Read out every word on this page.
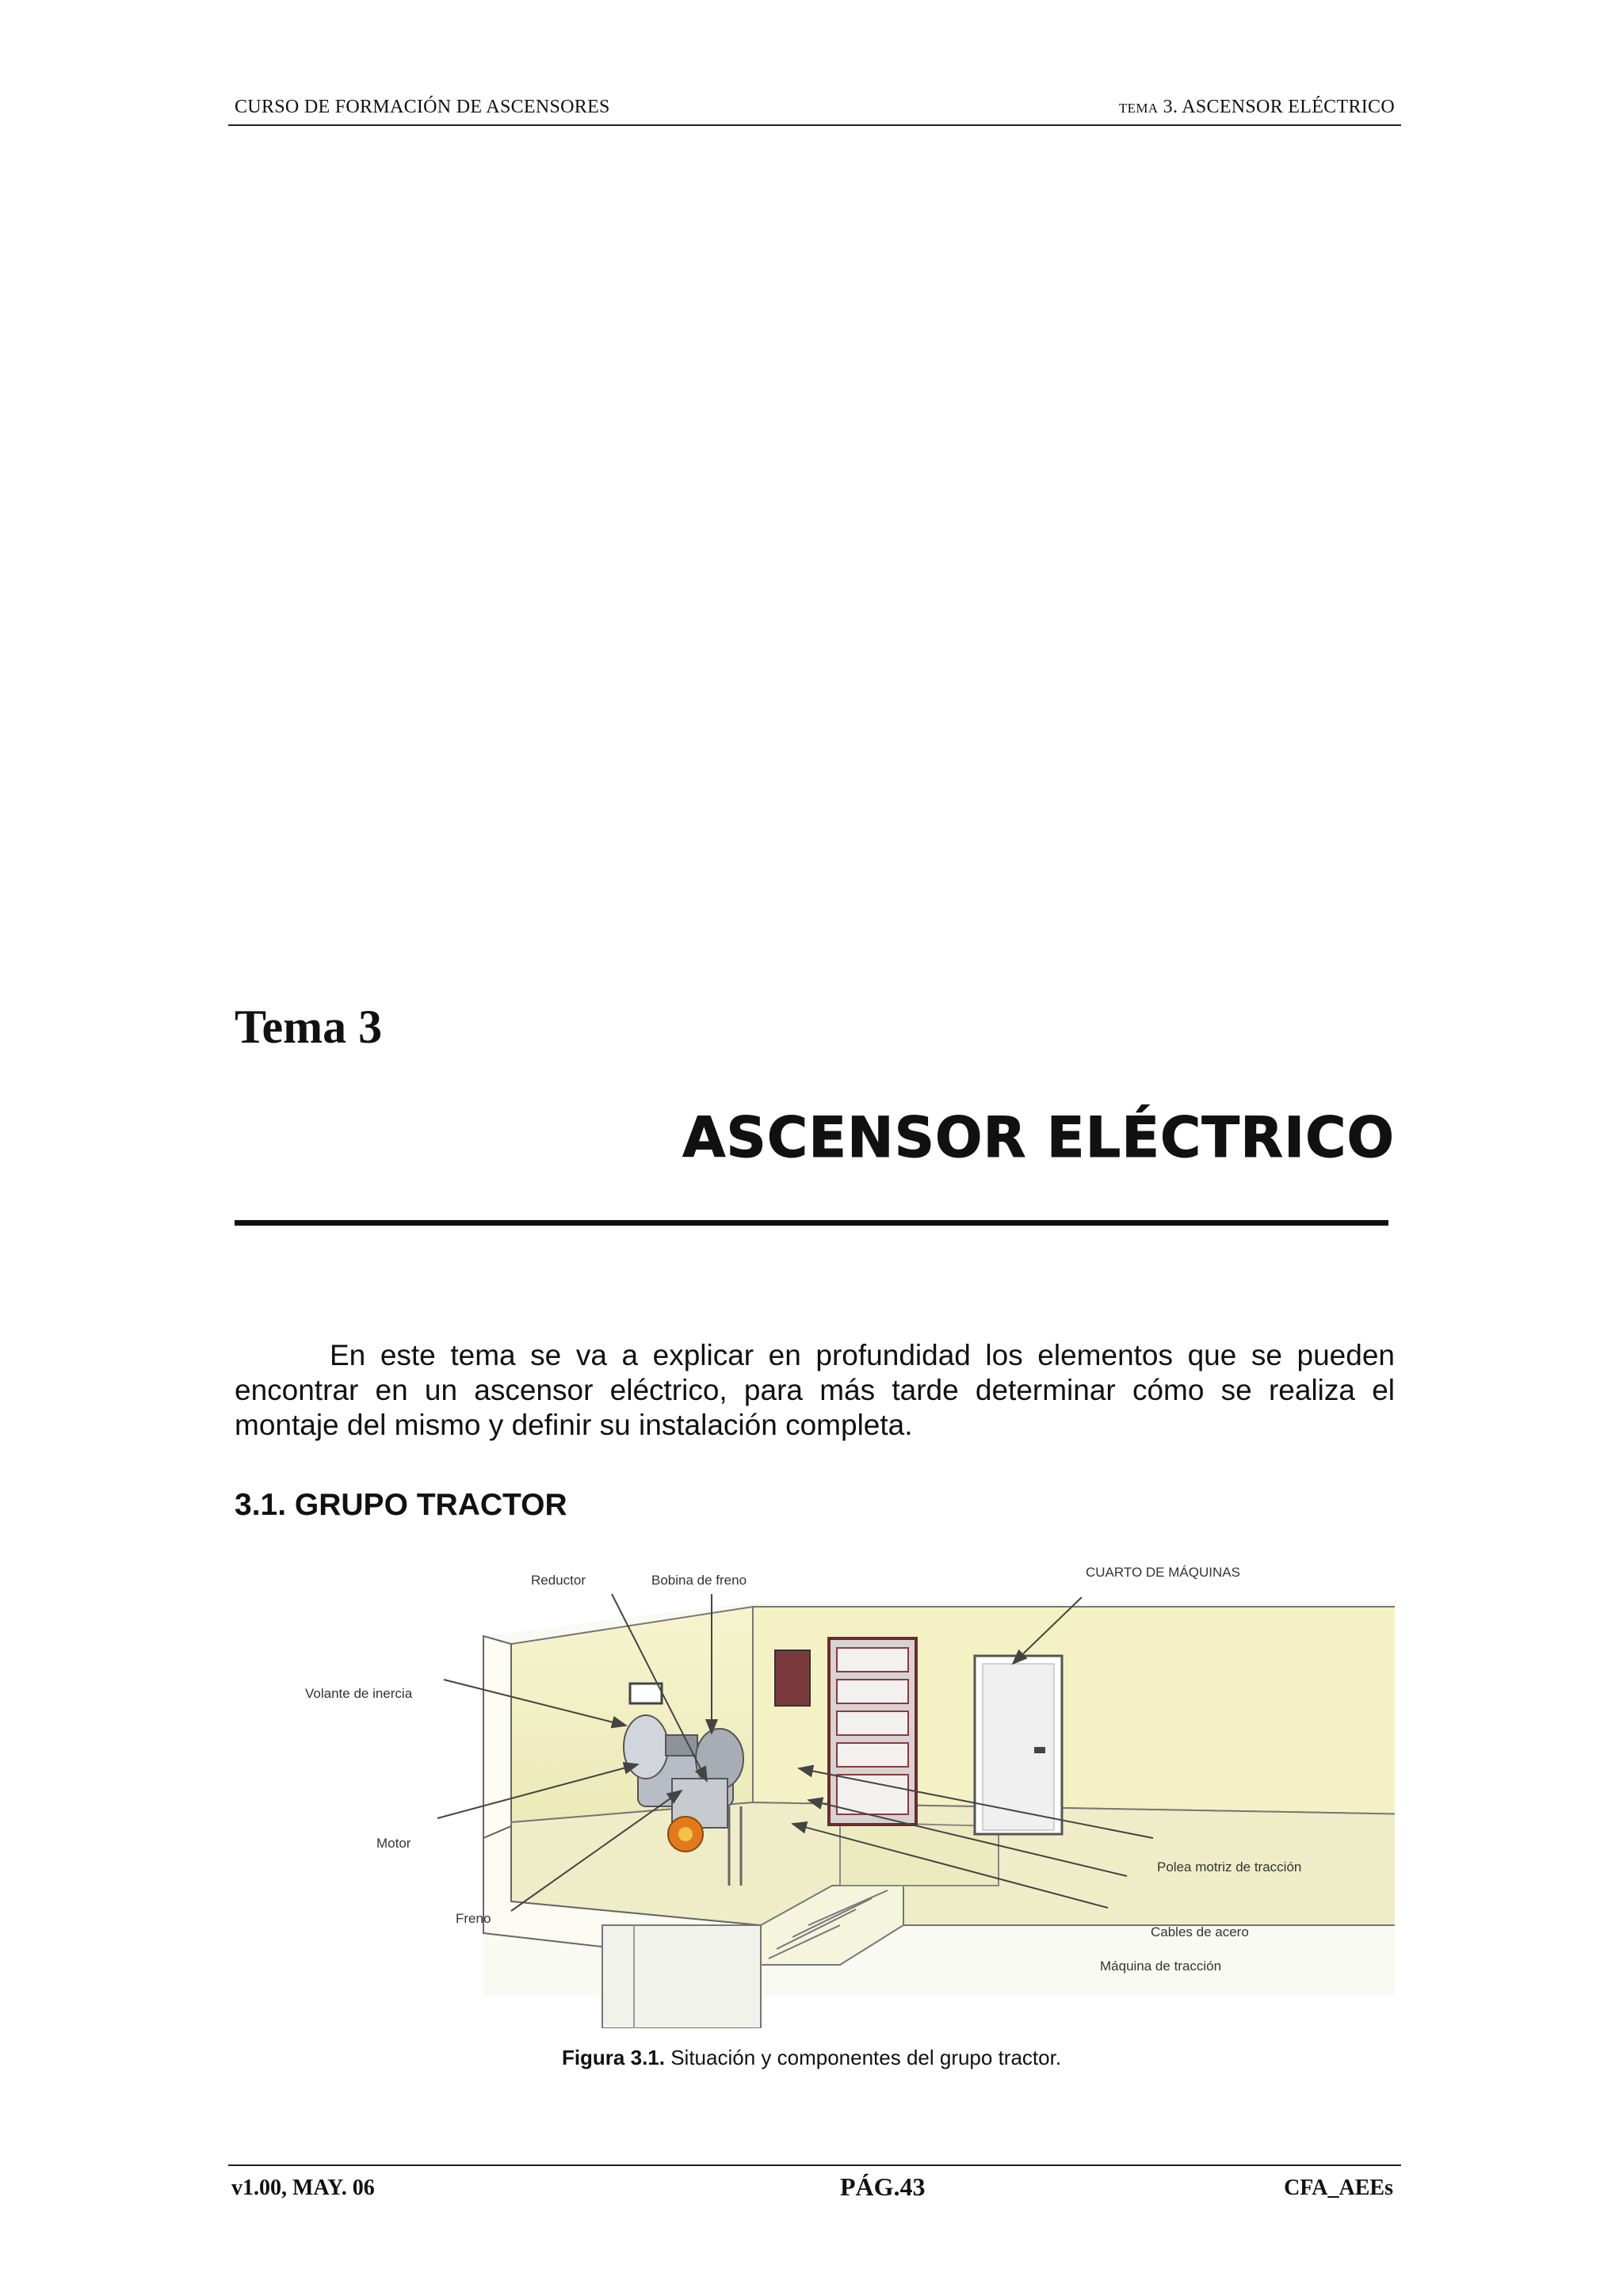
CURSO DE FORMACIÓN DE ASCENSORES	TEMA 3. ASCENSOR ELÉCTRICO
Tema 3
ASCENSOR ELÉCTRICO
En este tema se va a explicar en profundidad los elementos que se pueden encontrar en un ascensor eléctrico, para más tarde determinar cómo se realiza el montaje del mismo y definir su instalación completa.
3.1. GRUPO TRACTOR
Reductor	Bobina de freno
CUARTO DE MÁQUINAS
Volante de inercia
Motor
Freno
Polea motriz de tracción
Cables de acero
Máquina de tracción
Figura 3.1. Situación y componentes del grupo tractor.
v1.00, MAY. 06	PÁG.43	CFA_AEEs
